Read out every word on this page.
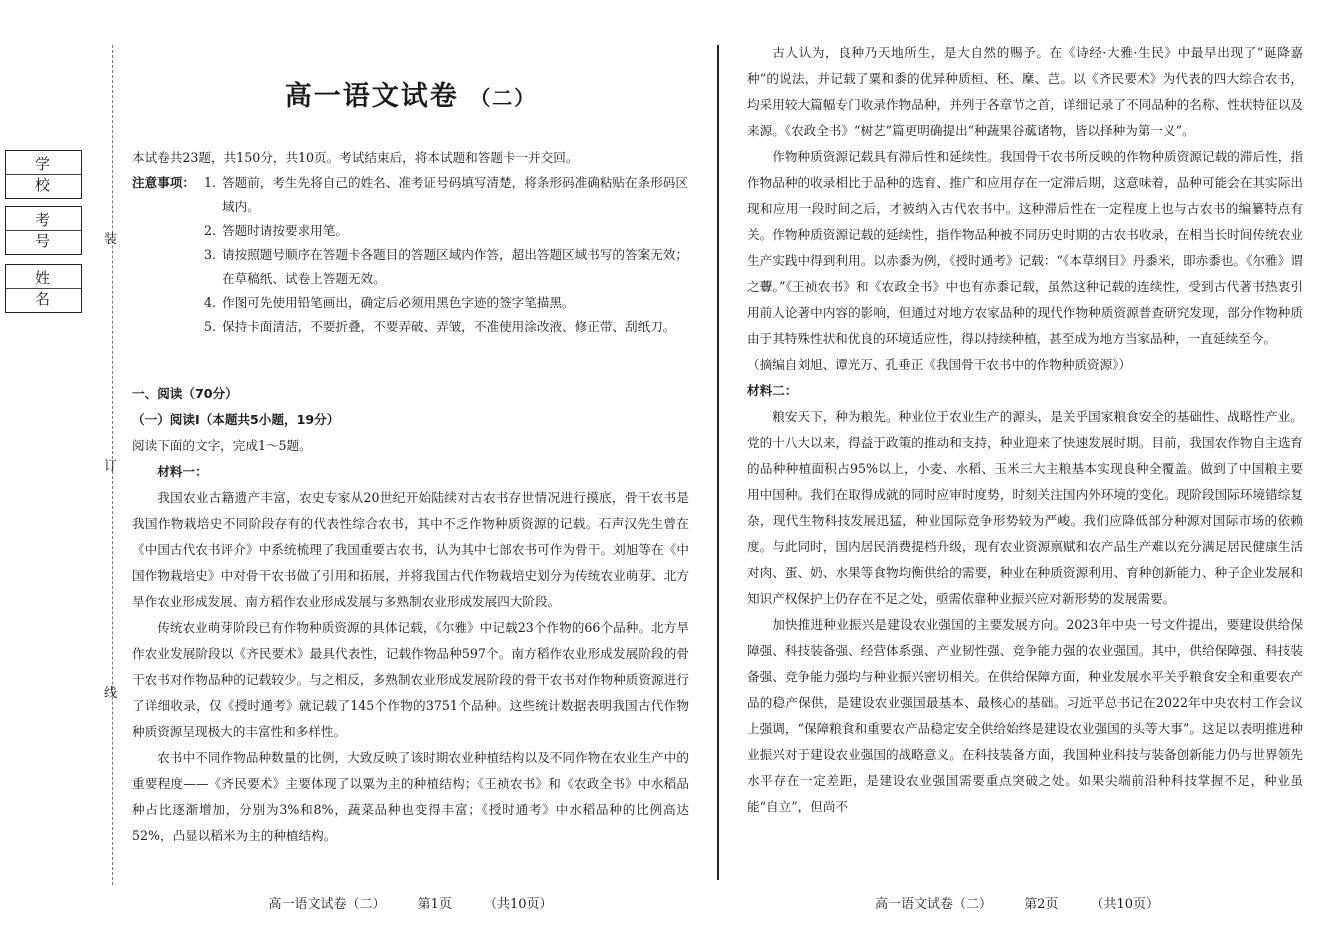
学校
考号
姓名
装
订
线
高一语文试卷 （二）

本试卷共23题，共150分，共10页。考试结束后，将本试题和答题卡一并交回。

注意事项： 1. 答题前，考生先将自己的姓名、准考证号码填写清楚，将条形码准确粘贴在条形码区域内。
2. 答题时请按要求用笔。
3. 请按照题号顺序在答题卡各题目的答题区域内作答，超出答题区域书写的答案无效；在草稿纸、试卷上答题无效。
4. 作图可先使用铅笔画出，确定后必须用黑色字迹的签字笔描黑。
5. 保持卡面清洁，不要折叠，不要弄破、弄皱，不准使用涂改液、修正带、刮纸刀。

一、阅读（70分）

（一）阅读Ⅰ（本题共5小题，19分）

阅读下面的文字，完成1～5题。

材料一：

我国农业古籍遗产丰富，农史专家从20世纪开始陆续对古农书存世情况进行摸底，骨干农书是我国作物栽培史不同阶段存有的代表性综合农书，其中不乏作物种质资源的记载。石声汉先生曾在《中国古代农书评介》中系统梳理了我国重要古农书，认为其中七部农书可作为骨干。刘旭等在《中国作物栽培史》中对骨干农书做了引用和拓展，并将我国古代作物栽培史划分为传统农业萌芽、北方旱作农业形成发展、南方稻作农业形成发展与多熟制农业形成发展四大阶段。

传统农业萌芽阶段已有作物种质资源的具体记载，《尔雅》中记载23个作物的66个品种。北方旱作农业发展阶段以《齐民要术》最具代表性，记载作物品种597个。南方稻作农业形成发展阶段的骨干农书对作物品种的记载较少。与之相反，多熟制农业形成发展阶段的骨干农书对作物种质资源进行了详细收录，仅《授时通考》就记载了145个作物的3751个品种。这些统计数据表明我国古代作物种质资源呈现极大的丰富性和多样性。

农书中不同作物品种数量的比例，大致反映了该时期农业种植结构以及不同作物在农业生产中的重要程度——《齐民要术》主要体现了以粟为主的种植结构；《王祯农书》和《农政全书》中水稻品种占比逐渐增加，分别为3%和8%，蔬菜品种也变得丰富；《授时通考》中水稻品种的比例高达52%，凸显以稻米为主的种植结构。

古人认为，良种乃天地所生，是大自然的赐予。在《诗经·大雅·生民》中最早出现了“诞降嘉种”的说法，并记载了粟和黍的优异种质桓、秠、穈、芑。以《齐民要术》为代表的四大综合农书，均采用较大篇幅专门收录作物品种，并列于各章节之首，详细记录了不同品种的名称、性状特征以及来源。《农政全书》“树艺”篇更明确提出“种蔬果谷蓏诸物，皆以择种为第一义”。

作物种质资源记载具有滞后性和延续性。我国骨干农书所反映的作物种质资源记载的滞后性，指作物品种的收录相比于品种的选育、推广和应用存在一定滞后期，这意味着，品种可能会在其实际出现和应用一段时间之后，才被纳入古代农书中。这种滞后性在一定程度上也与古农书的编纂特点有关。作物种质资源记载的延续性，指作物品种被不同历史时期的古农书收录，在相当长时间传统农业生产实践中得到利用。以赤黍为例，《授时通考》记载：“《本草纲目》丹黍米，即赤黍也。《尔雅》谓之虋。”《王祯农书》和《农政全书》中也有赤黍记载，虽然这种记载的连续性，受到古代著书热衷引用前人论著中内容的影响，但通过对地方农家品种的现代作物种质资源普查研究发现，部分作物种质由于其特殊性状和优良的环境适应性，得以持续种植，甚至成为地方当家品种，一直延续至今。

（摘编自刘旭、谭光万、孔垂正《我国骨干农书中的作物种质资源》）

材料二：

粮安天下，种为粮先。种业位于农业生产的源头，是关乎国家粮食安全的基础性、战略性产业。党的十八大以来，得益于政策的推动和支持，种业迎来了快速发展时期。目前，我国农作物自主选育的品种种植面积占95%以上，小麦、水稻、玉米三大主粮基本实现良种全覆盖。做到了中国粮主要用中国种。我们在取得成就的同时应审时度势，时刻关注国内外环境的变化。现阶段国际环境错综复杂，现代生物科技发展迅猛，种业国际竞争形势较为严峻。我们应降低部分种源对国际市场的依赖度。与此同时，国内居民消费提档升级，现有农业资源禀赋和农产品生产难以充分满足居民健康生活对肉、蛋、奶、水果等食物均衡供给的需要，种业在种质资源利用、育种创新能力、种子企业发展和知识产权保护上仍存在不足之处，亟需依靠种业振兴应对新形势的发展需要。

加快推进种业振兴是建设农业强国的主要发展方向。2023年中央一号文件提出，要建设供给保障强、科技装备强、经营体系强、产业韧性强、竞争能力强的农业强国。其中，供给保障强、科技装备强、竞争能力强均与种业振兴密切相关。在供给保障方面，种业发展水平关乎粮食安全和重要农产品的稳产保供，是建设农业强国最基本、最核心的基础。习近平总书记在2022年中央农村工作会议上强调，“保障粮食和重要农产品稳定安全供给始终是建设农业强国的头等大事”。这足以表明推进种业振兴对于建设农业强国的战略意义。在科技装备方面，我国种业科技与装备创新能力仍与世界领先水平存在一定差距，是建设农业强国需要重点突破之处。如果尖端前沿种科技掌握不足，种业虽能“自立”，但尚不

高一语文试卷（二） 第1页 （共10页）	高一语文试卷（二） 第2页 （共10页）
